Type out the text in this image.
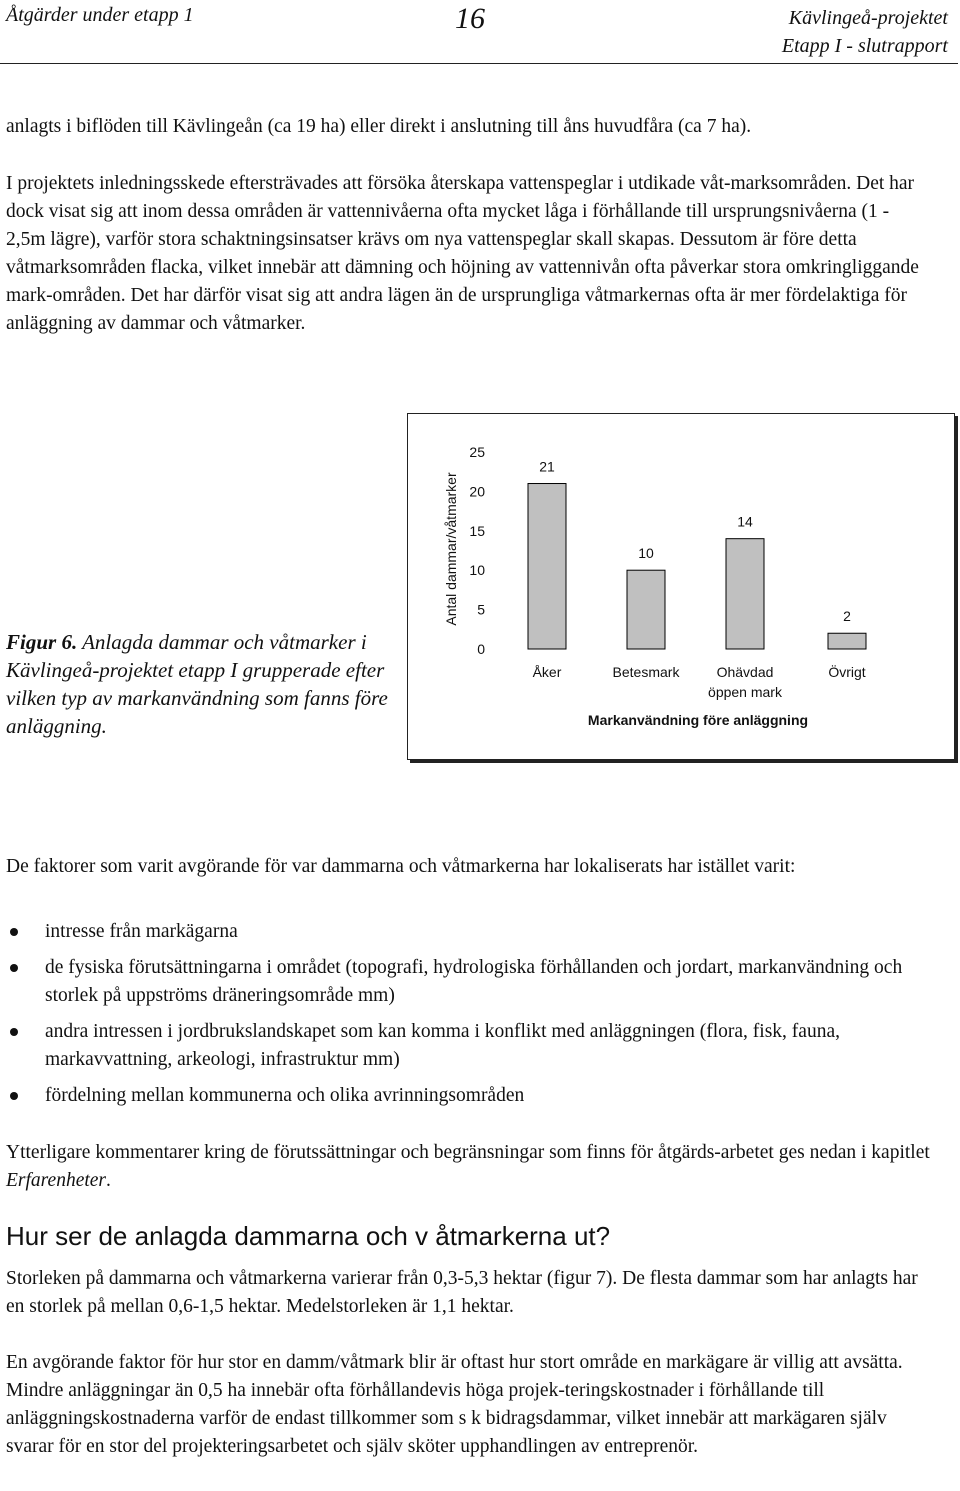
Åtgärder under etapp 1	16	Kävlingeå-projektet
Etapp I - slutrapport

anlagts i biflöden till Kävlingeån (ca 19 ha) eller direkt i anslutning till åns huvudfåra (ca 7 ha).

I projektets inledningsskede eftersträvades att försöka återskapa vattenspeglar i utdikade våt-marksområden. Det har dock visat sig att inom dessa områden är vattennivåerna ofta mycket låga i förhållande till ursprungsnivåerna (1 - 2,5m lägre), varför stora schaktningsinsatser krävs om nya vattenspeglar skall skapas. Dessutom är före detta våtmarksområden flacka, vilket innebär att dämning och höjning av vattennivån ofta påverkar stora omkringliggande mark-områden. Det har därför visat sig att andra lägen än de ursprungliga våtmarkernas ofta är mer fördelaktiga för anläggning av dammar och våtmarker.

Figur 6. Anlagda dammar och våtmarker i Kävlingeå-projektet etapp I grupperade efter vilken typ av markanvändning som fanns före anläggning.
Antal dammar/våtmarker
0
5
10
15
20
25
21
10
14
2
Åker	Betesmark	Ohävdad öppen mark
Övrigt
Markanvändning före anläggning

De faktorer som varit avgörande för var dammarna och våtmarkerna har lokaliserats har istället varit:

intresse från markägarna
de fysiska förutsättningarna i området (topografi, hydrologiska förhållanden och jordart, markanvändning och storlek på uppströms dräneringsområde mm)
andra intressen i jordbrukslandskapet som kan komma i konflikt med anläggningen (flora, fisk, fauna, markavvattning, arkeologi, infrastruktur mm)
fördelning mellan kommunerna och olika avrinningsområden

Ytterligare kommentarer kring de förutssättningar och begränsningar som finns för åtgärds-arbetet ges nedan i kapitlet Erfarenheter.

Hur ser de anlagda dammarna och v åtmarkerna ut?

Storleken på dammarna och våtmarkerna varierar från 0,3-5,3 hektar (figur 7). De flesta dammar som har anlagts har en storlek på mellan 0,6-1,5 hektar. Medelstorleken är 1,1 hektar.

En avgörande faktor för hur stor en damm/våtmark blir är oftast hur stort område en markägare är villig att avsätta. Mindre anläggningar än 0,5 ha innebär ofta förhållandevis höga projek-teringskostnader i förhållande till anläggningskostnaderna varför de endast tillkommer som s k bidragsdammar, vilket innebär att markägaren själv svarar för en stor del projekteringsarbetet och själv sköter upphandlingen av entreprenör.
